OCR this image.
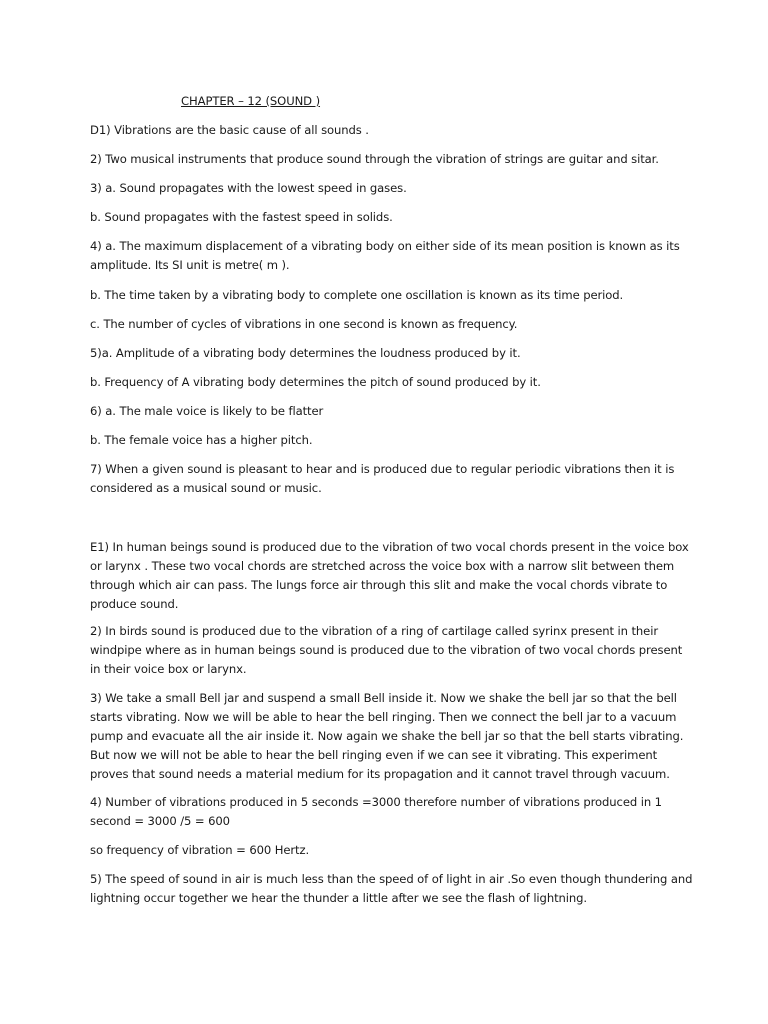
CHAPTER – 12 (SOUND )

D1) Vibrations are the basic cause of all sounds .

2) Two musical instruments that produce sound through the vibration of strings are guitar and sitar.

3) a. Sound propagates with the lowest speed in gases.

b. Sound propagates with the fastest speed in solids.

4) a. The maximum displacement of a vibrating body on either side of its mean position is known as its
amplitude. Its SI unit is metre( m ).

b. The time taken by a vibrating body to complete one oscillation is known as its time period.

c. The number of cycles of vibrations in one second is known as frequency.

5)a. Amplitude of a vibrating body determines the loudness produced by it.

b. Frequency of A vibrating body determines the pitch of sound produced by it.

6) a. The male voice is likely to be flatter

b. The female voice has a higher pitch.

7) When a given sound is pleasant to hear and is produced due to regular periodic vibrations then it is
considered as a musical sound or music.

E1) In human beings sound is produced due to the vibration of two vocal chords present in the voice box
or larynx . These two vocal chords are stretched across the voice box with a narrow slit between them
through which air can pass. The lungs force air through this slit and make the vocal chords vibrate to
produce sound.

2) In birds sound is produced due to the vibration of a ring of cartilage called syrinx present in their
windpipe where as in human beings sound is produced due to the vibration of two vocal chords present
in their voice box or larynx.

3) We take a small Bell jar and suspend a small Bell inside it. Now we shake the bell jar so that the bell
starts vibrating. Now we will be able to hear the bell ringing. Then we connect the bell jar to a vacuum
pump and evacuate all the air inside it. Now again we shake the bell jar so that the bell starts vibrating.
But now we will not be able to hear the bell ringing even if we can see it vibrating. This experiment
proves that sound needs a material medium for its propagation and it cannot travel through vacuum.

4) Number of vibrations produced in 5 seconds =3000 therefore number of vibrations produced in 1
second = 3000 /5 = 600

so frequency of vibration = 600 Hertz.

5) The speed of sound in air is much less than the speed of of light in air .So even though thundering and
lightning occur together we hear the thunder a little after we see the flash of lightning.
